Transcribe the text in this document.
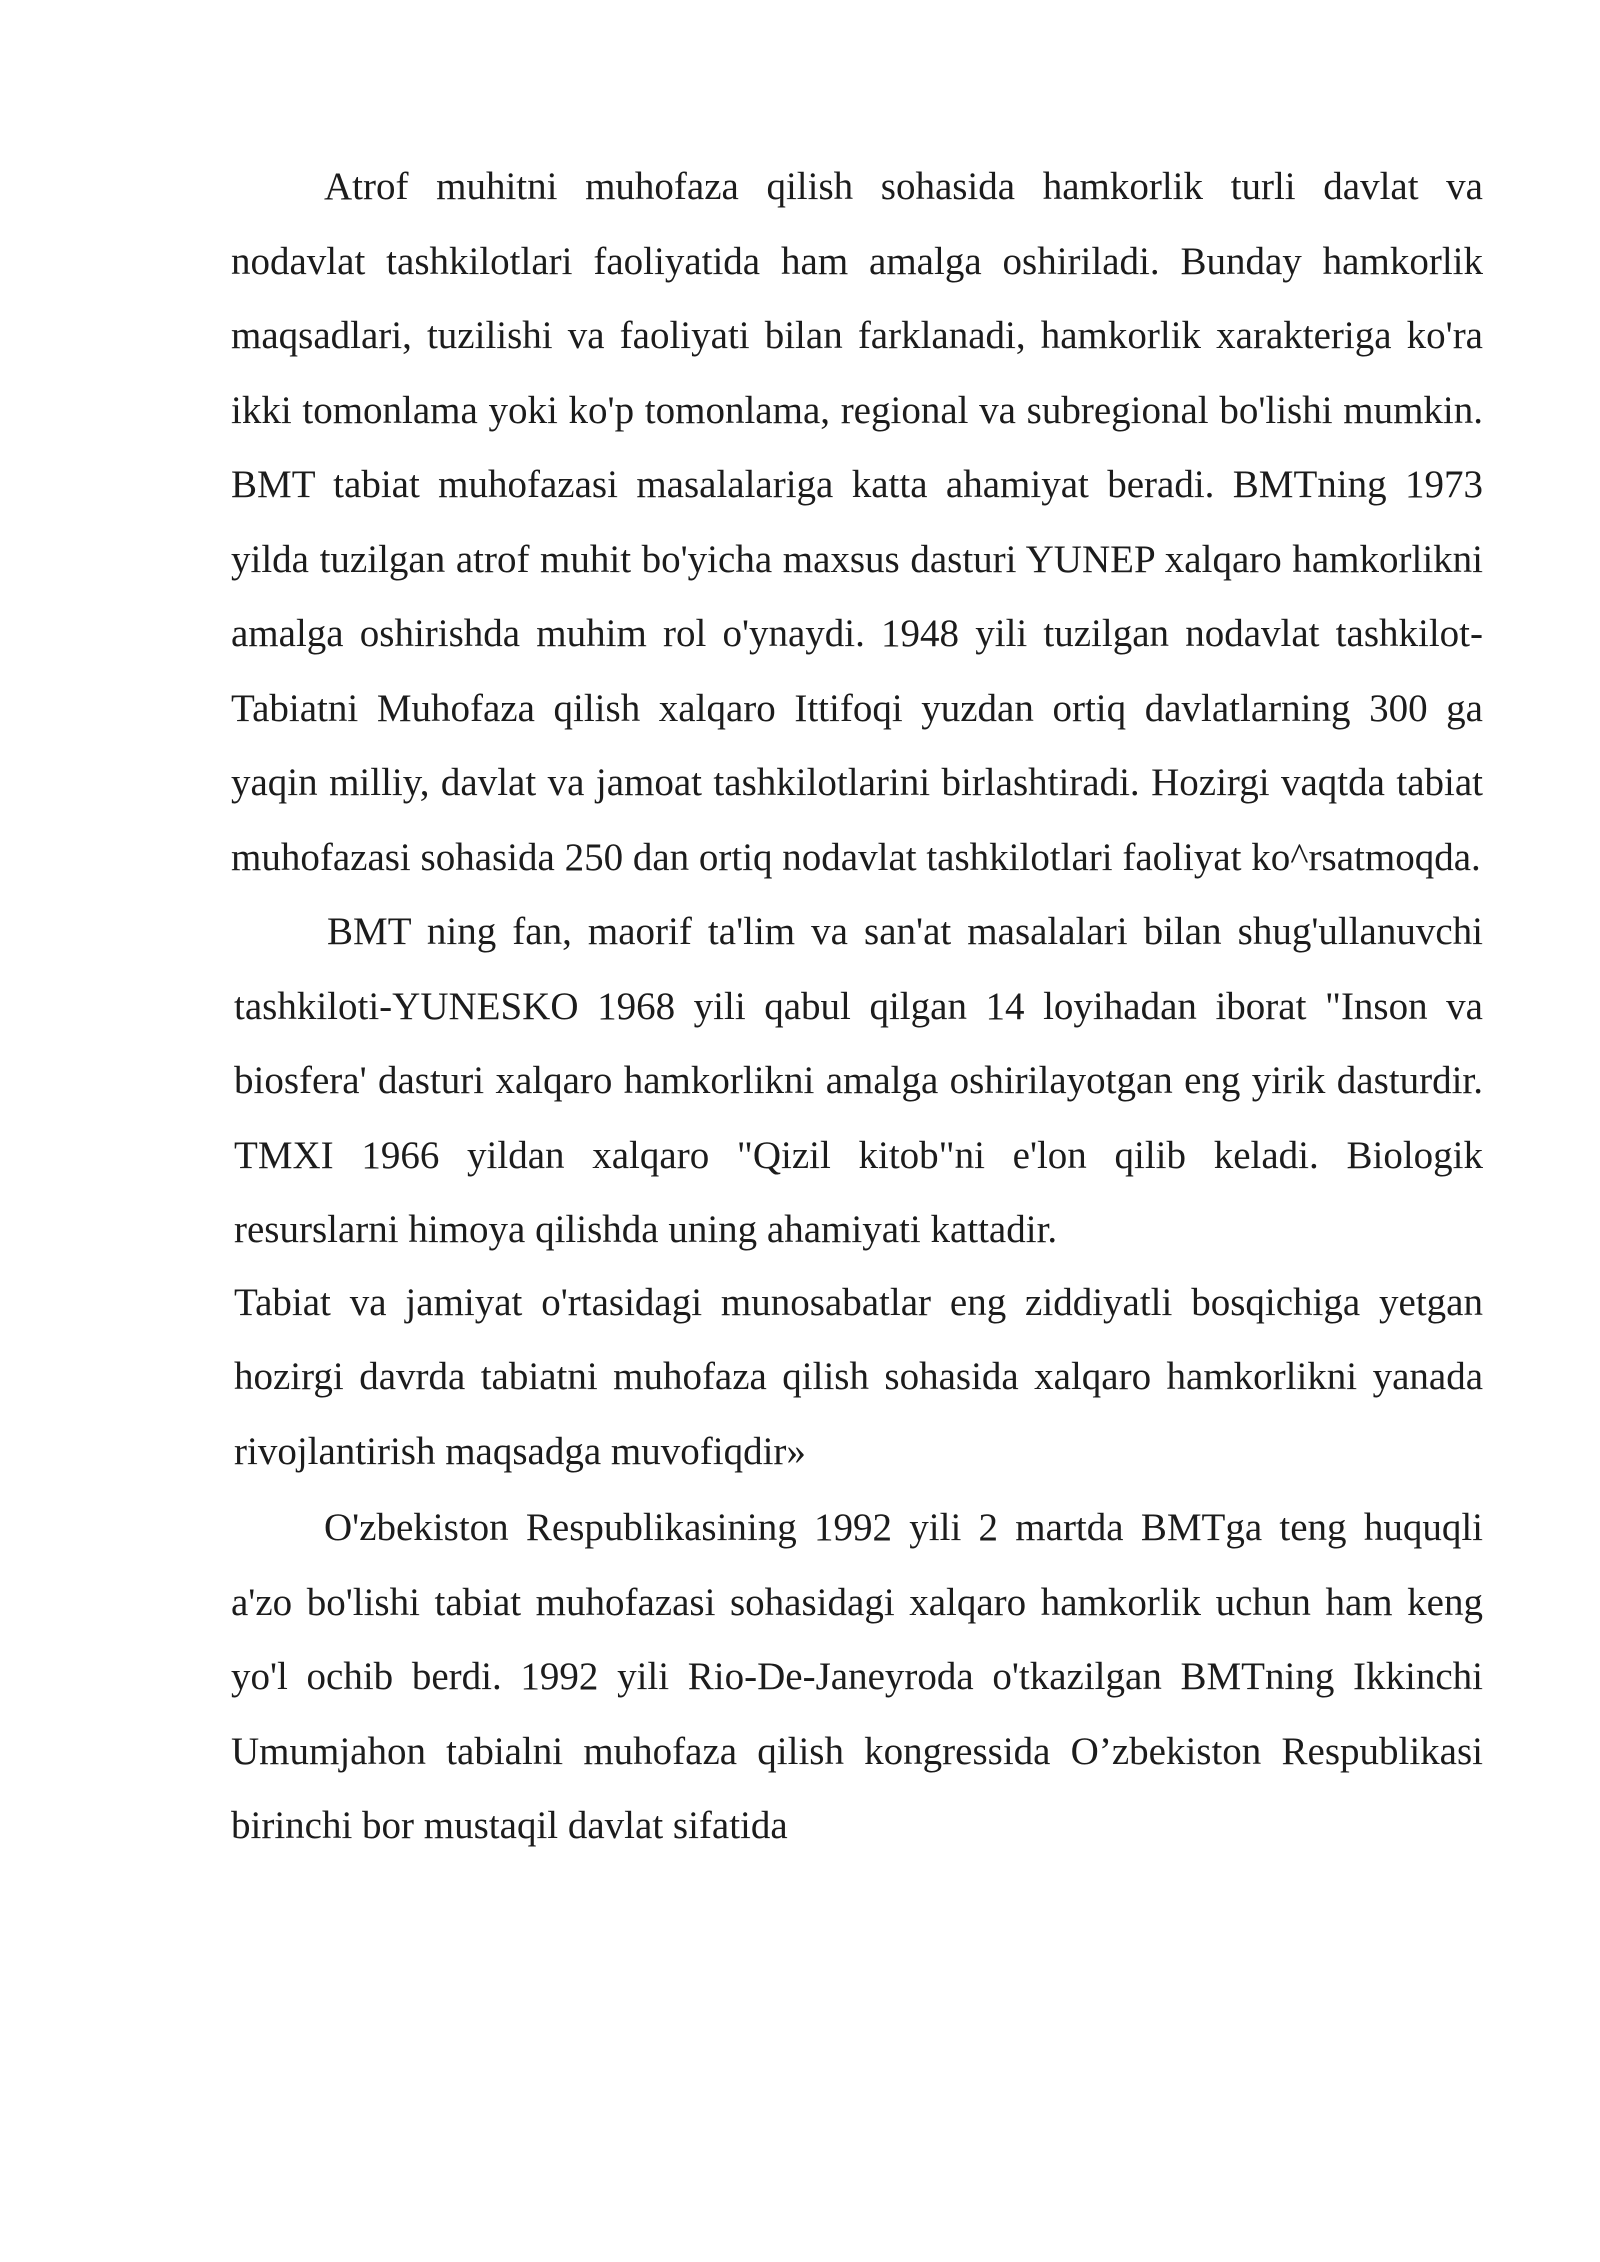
Atrof muhitni muhofaza qilish sohasida hamkorlik turli davlat va nodavlat tashkilotlari faoliyatida ham amalga oshiriladi. Bunday hamkorlik maqsadlari, tuzilishi va faoliyati bilan farklanadi, hamkorlik xarakteriga ko'ra ikki tomonlama yoki ko'p tomonlama, regional va subregional bo'lishi mumkin. BMT tabiat muhofazasi masalalariga katta ahamiyat beradi. BMTning 1973 yilda tuzilgan atrof muhit bo'yicha maxsus dasturi YUNEP xalqaro hamkorlikni amalga oshirishda muhim rol o'ynaydi. 1948 yili tuzilgan nodavlat tashkilot-Tabiatni Muhofaza qilish xalqaro Ittifoqi yuzdan ortiq davlatlarning 300 ga yaqin milliy, davlat va jamoat tashkilotlarini birlashtiradi. Hozirgi vaqtda tabiat muhofazasi sohasida 250 dan ortiq nodavlat tashkilotlari faoliyat ko^rsatmoqda.

BMT ning fan, maorif ta'lim va san'at masalalari bilan shug'ullanuvchi tashkiloti-YUNESKO 1968 yili qabul qilgan 14 loyihadan iborat "Inson va biosfera' dasturi xalqaro hamkorlikni amalga oshirilayotgan eng yirik dasturdir. TMXI 1966 yildan xalqaro "Qizil kitob"ni e'lon qilib keladi. Biologik resurslarni himoya qilishda uning ahamiyati kattadir.

Tabiat va jamiyat o'rtasidagi munosabatlar eng ziddiyatli bosqichiga yetgan hozirgi davrda tabiatni muhofaza qilish sohasida xalqaro hamkorlikni yanada rivojlantirish maqsadga muvofiqdir»

O'zbekiston Respublikasining 1992 yili 2 martda BMTga teng huquqli a'zo bo'lishi tabiat muhofazasi sohasidagi xalqaro hamkorlik uchun ham keng yo'l ochib berdi. 1992 yili Rio-De-Janeyroda o'tkazilgan BMTning Ikkinchi Umumjahon tabialni muhofaza qilish kongressida O’zbekiston Respublikasi birinchi bor mustaqil davlat sifatida
